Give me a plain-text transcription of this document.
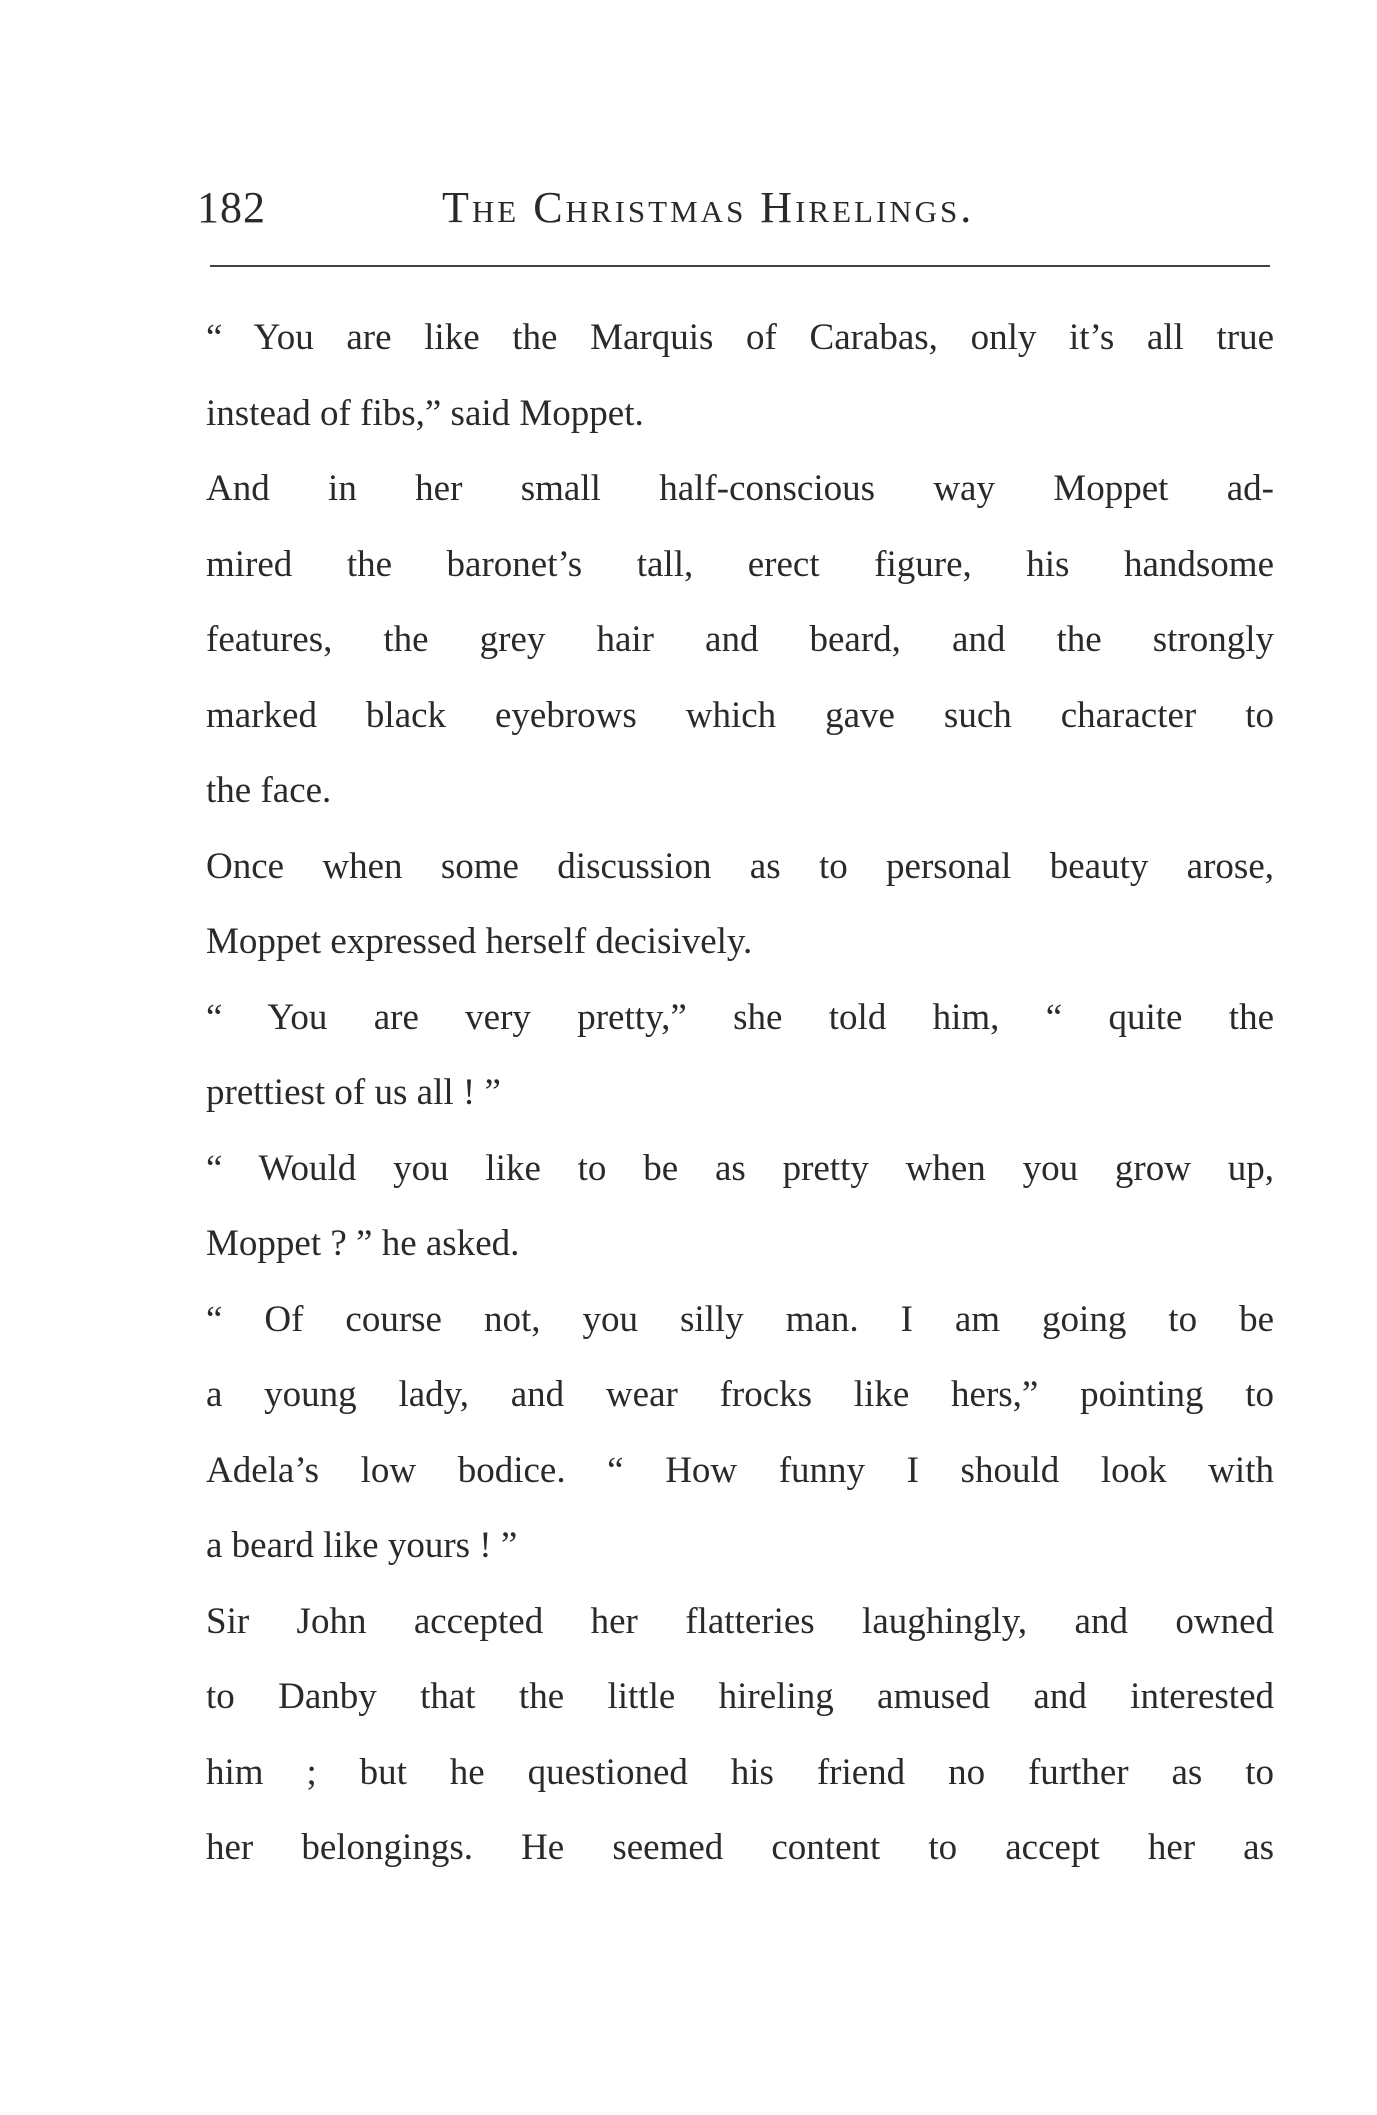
182	The Christmas Hirelings.
“ You are like the Marquis of Carabas, only it’s all true
instead of fibs,” said Moppet.
And in her small half-conscious way Moppet ad-
mired the baronet’s tall, erect figure, his handsome
features, the grey hair and beard, and the strongly
marked black eyebrows which gave such character to
the face.
Once when some discussion as to personal beauty arose,
Moppet expressed herself decisively.
“ You are very pretty,” she told him, “ quite the
prettiest of us all ! ”
“ Would you like to be as pretty when you grow up,
Moppet ? ” he asked.
“ Of course not, you silly man. I am going to be
a young lady, and wear frocks like hers,” pointing to
Adela’s low bodice. “ How funny I should look with
a beard like yours ! ”
Sir John accepted her flatteries laughingly, and owned
to Danby that the little hireling amused and interested
him ; but he questioned his friend no further as to
her belongings. He seemed content to accept her as
